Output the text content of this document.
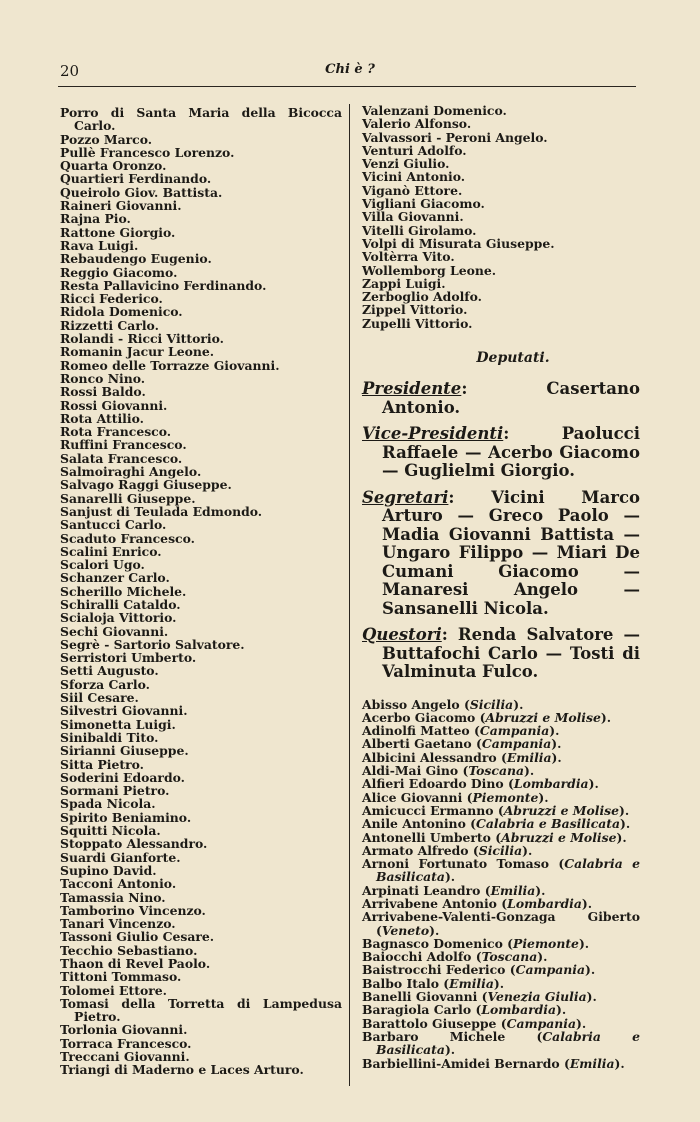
20	Chi è ?
Porro di Santa Maria della Bicocca Carlo.
Pozzo Marco.
Pullè Francesco Lorenzo.
Quarta Oronzo.
Quartieri Ferdinando.
Queirolo Giov. Battista.
Raineri Giovanni.
Rajna Pio.
Rattone Giorgio.
Rava Luigi.
Rebaudengo Eugenio.
Reggio Giacomo.
Resta Pallavicino Ferdinando.
Ricci Federico.
Ridola Domenico.
Rizzetti Carlo.
Rolandi - Ricci Vittorio.
Romanin Jacur Leone.
Romeo delle Torrazze Giovanni.
Ronco Nino.
Rossi Baldo.
Rossi Giovanni.
Rota Attilio.
Rota Francesco.
Ruffini Francesco.
Salata Francesco.
Salmoiraghi Angelo.
Salvago Raggi Giuseppe.
Sanarelli Giuseppe.
Sanjust di Teulada Edmondo.
Santucci Carlo.
Scaduto Francesco.
Scalini Enrico.
Scalori Ugo.
Schanzer Carlo.
Scherillo Michele.
Schiralli Cataldo.
Scialoja Vittorio.
Sechi Giovanni.
Segrè - Sartorio Salvatore.
Serristori Umberto.
Setti Augusto.
Sforza Carlo.
Siil Cesare.
Silvestri Giovanni.
Simonetta Luigi.
Sinibaldi Tito.
Sirianni Giuseppe.
Sitta Pietro.
Soderini Edoardo.
Sormani Pietro.
Spada Nicola.
Spirito Beniamino.
Squitti Nicola.
Stoppato Alessandro.
Suardi Gianforte.
Supino David.
Tacconi Antonio.
Tamassia Nino.
Tamborino Vincenzo.
Tanari Vincenzo.
Tassoni Giulio Cesare.
Tecchio Sebastiano.
Thaon di Revel Paolo.
Tittoni Tommaso.
Tolomei Ettore.
Tomasi della Torretta di Lampedusa Pietro.
Torlonia Giovanni.
Torraca Francesco.
Treccani Giovanni.
Triangi di Maderno e Laces Arturo.
Valenzani Domenico.
Valerio Alfonso.
Valvassori - Peroni Angelo.
Venturi Adolfo.
Venzi Giulio.
Vicini Antonio.
Viganò Ettore.
Vigliani Giacomo.
Villa Giovanni.
Vitelli Girolamo.
Volpi di Misurata Giuseppe.
Voltèrra Vito.
Wollemborg Leone.
Zappi Luigi.
Zerboglio Adolfo.
Zippel Vittorio.
Zupelli Vittorio.
Deputati.
Presidente: Casertano Antonio.
Vice-Presidenti: Paolucci Raffaele — Acerbo Giacomo — Guglielmi Giorgio.
Segretari: Vicini Marco Arturo — Greco Paolo — Madia Giovanni Battista — Ungaro Filippo — Miari De Cumani Giacomo — Manaresi Angelo — Sansanelli Nicola.
Questori: Renda Salvatore — Buttafochi Carlo — Tosti di Valminuta Fulco.
Abisso Angelo (Sicilia).
Acerbo Giacomo (Abruzzi e Molise).
Adinolfi Matteo (Campania).
Alberti Gaetano (Campania).
Albicini Alessandro (Emilia).
Aldi-Mai Gino (Toscana).
Alfieri Edoardo Dino (Lombardia).
Alice Giovanni (Piemonte).
Amicucci Ermanno (Abruzzi e Molise).
Anile Antonino (Calabria e Basilicata).
Antonelli Umberto (Abruzzi e Molise).
Armato Alfredo (Sicilia).
Arnoni Fortunato Tomaso (Calabria e Basilicata).
Arpinati Leandro (Emilia).
Arrivabene Antonio (Lombardia).
Arrivabene-Valenti-Gonzaga Giberto (Veneto).
Bagnasco Domenico (Piemonte).
Baiocchi Adolfo (Toscana).
Baistrocchi Federico (Campania).
Balbo Italo (Emilia).
Banelli Giovanni (Venezia Giulia).
Baragiola Carlo (Lombardia).
Barattolo Giuseppe (Campania).
Barbaro Michele (Calabria e Basilicata).
Barbiellini-Amidei Bernardo (Emilia).
